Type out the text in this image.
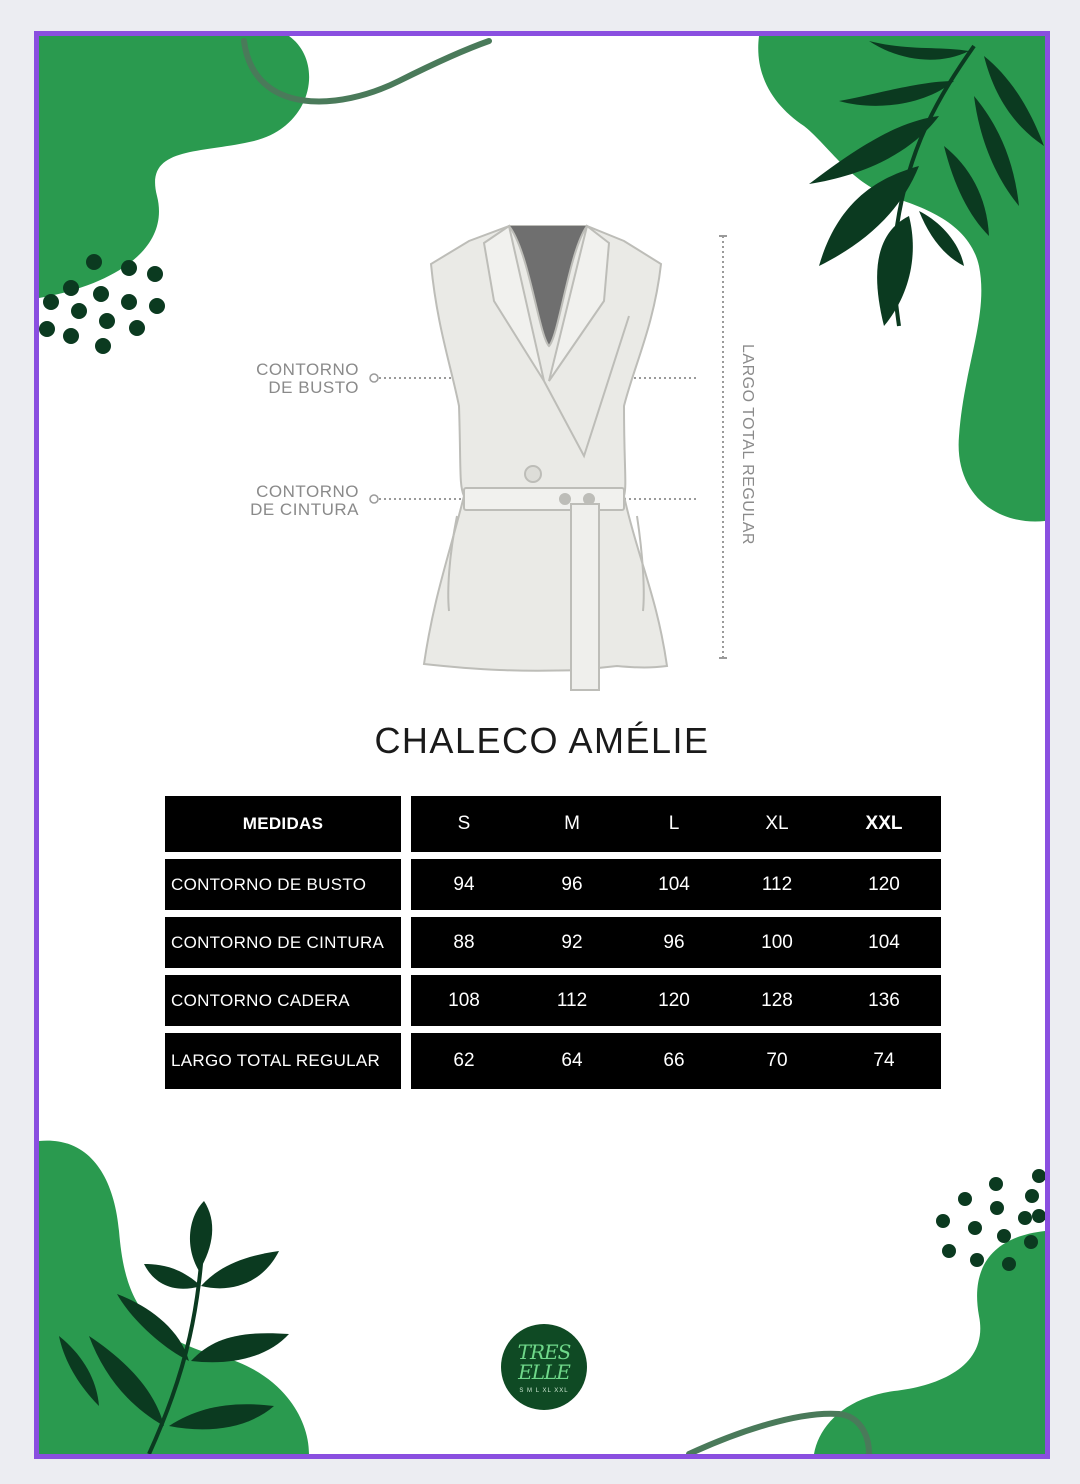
CONTORNO
DE BUSTO
CONTORNO
DE CINTURA	LARGO TOTAL REGULAR
CHALECO AMÉLIE
MEDIDAS	S	M	L	XL	XXL
CONTORNO DE BUSTO	94	96	104	112	120
CONTORNO DE CINTURA	88	92	96	100	104
CONTORNO CADERA	108	112	120	128	136
LARGO TOTAL REGULAR	62	64	66	70	74
TRES ELLE
S M L XL XXL
